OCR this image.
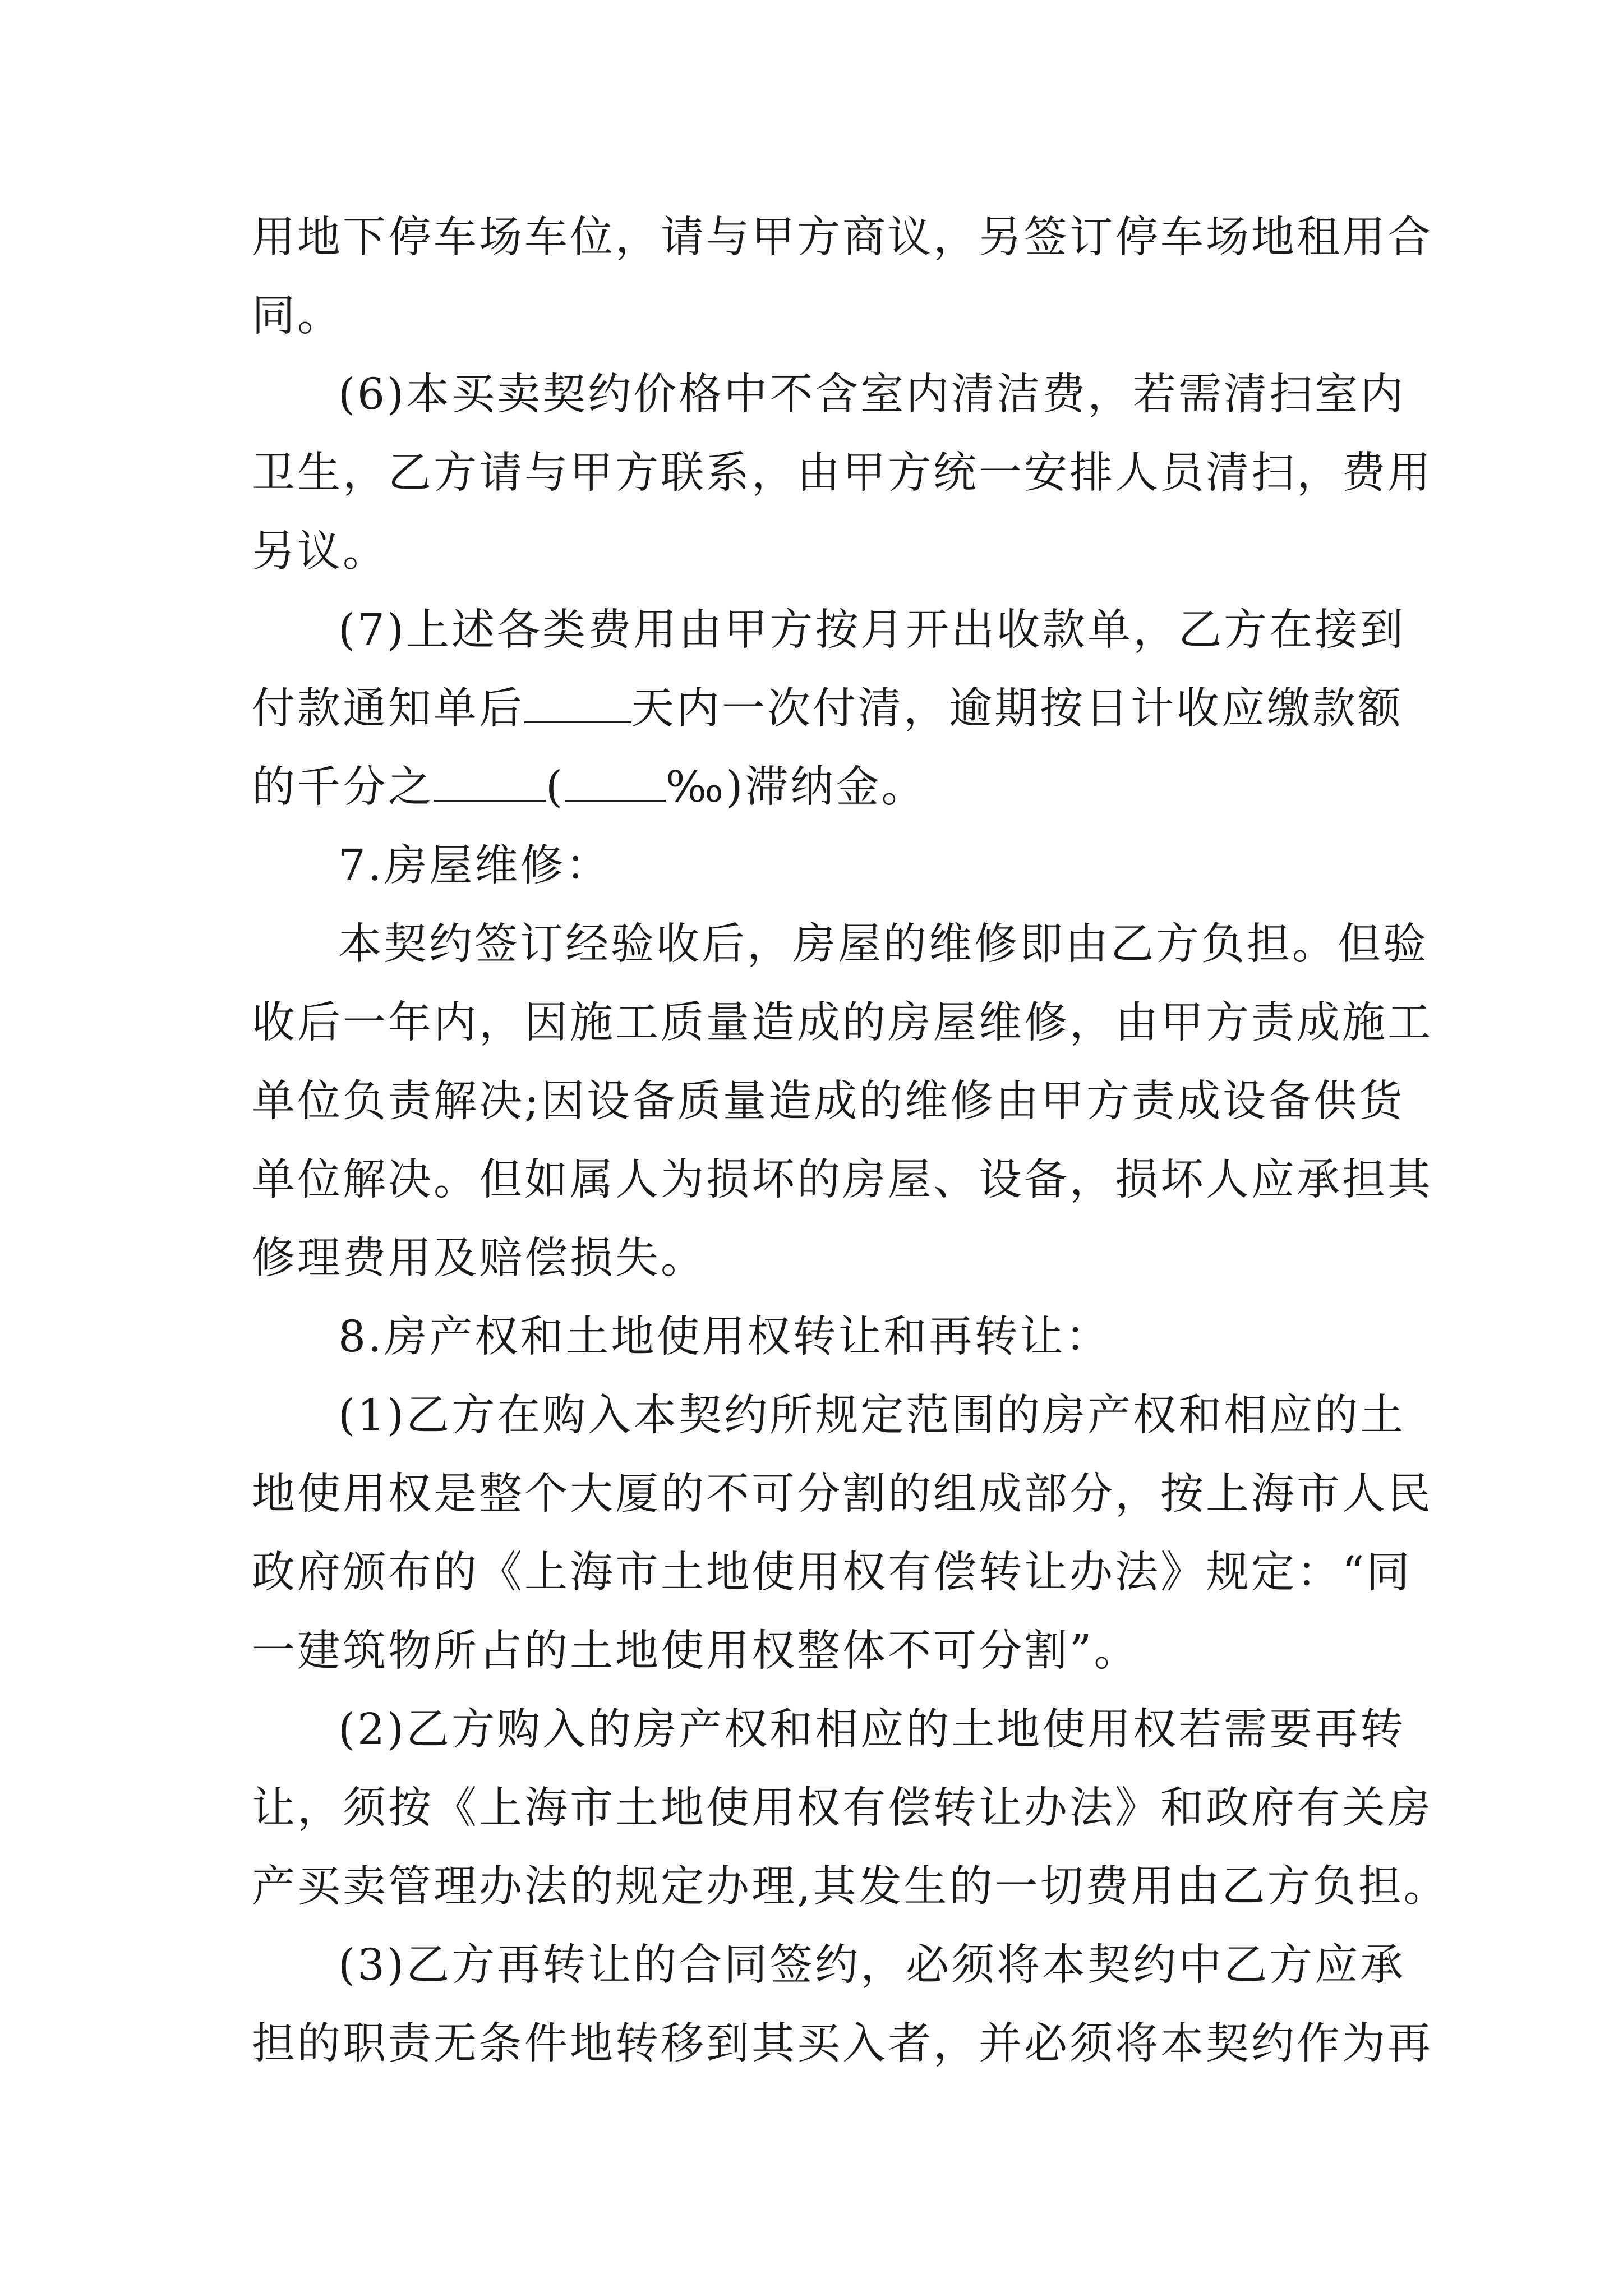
用地下停车场车位，请与甲方商议，另签订停车场地租用合
同。
(6)本买卖契约价格中不含室内清洁费，若需清扫室内
卫生，乙方请与甲方联系，由甲方统一安排人员清扫，费用
另议。
(7)上述各类费用由甲方按月开出收款单，乙方在接到
付款通知单后 天内一次付清，逾期按日计收应缴款额
的千分之	( ‰)滞纳金。
7.房屋维修：
本契约签订经验收后，房屋的维修即由乙方负担。但验
收后一年内，因施工质量造成的房屋维修，由甲方责成施工
单位负责解决;因设备质量造成的维修由甲方责成设备供货
单位解决。但如属人为损坏的房屋、设备，损坏人应承担其
修理费用及赔偿损失。
8.房产权和土地使用权转让和再转让：
(1)乙方在购入本契约所规定范围的房产权和相应的土
地使用权是整个大厦的不可分割的组成部分，按上海市人民
政府颁布的《上海市土地使用权有偿转让办法》规定：“同
一建筑物所占的土地使用权整体不可分割”。
(2)乙方购入的房产权和相应的土地使用权若需要再转
让，须按《上海市土地使用权有偿转让办法》和政府有关房
产买卖管理办法的规定办理,其发生的一切费用由乙方负担。
(3)乙方再转让的合同签约，必须将本契约中乙方应承
担的职责无条件地转移到其买入者，并必须将本契约作为再
